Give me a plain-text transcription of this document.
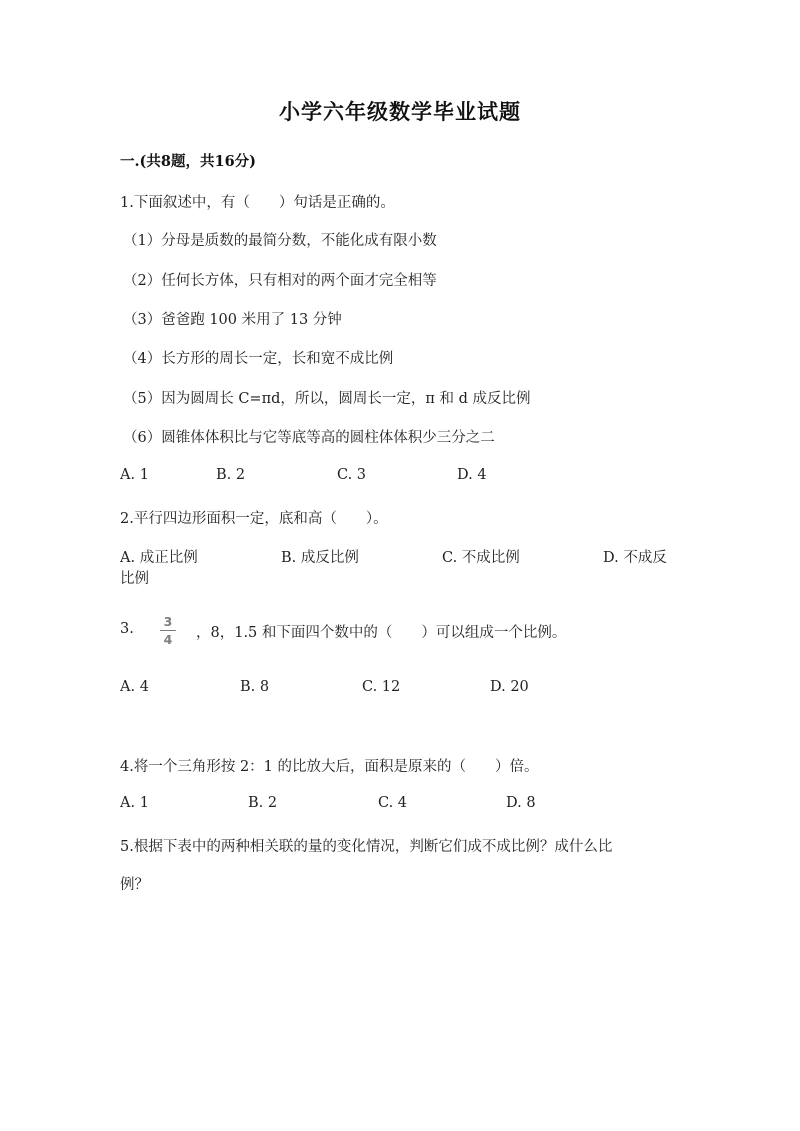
小学六年级数学毕业试题
一.(共8题，共16分)
1.下面叙述中，有（　　）句话是正确的。
（1）分母是质数的最简分数，不能化成有限小数
（2）任何长方体，只有相对的两个面才完全相等
（3）爸爸跑 100 米用了 13 分钟
（4）长方形的周长一定，长和宽不成比例
（5）因为圆周长 C=πd，所以，圆周长一定，π 和 d 成反比例
（6）圆锥体体积比与它等底等高的圆柱体体积少三分之二
A. 1	B. 2	C. 3	D. 4
2.平行四边形面积一定，底和高（　　）。
A. 成正比例	B. 成反比例	C. 不成比例	D. 不成反
比例
3.	3
4	，8，1.5 和下面四个数中的（　　）可以组成一个比例。
A. 4	B. 8	C. 12	D. 20
4.将一个三角形按 2：1 的比放大后，面积是原来的（　　）倍。
A. 1	B. 2	C. 4	D. 8
5.根据下表中的两种相关联的量的变化情况，判断它们成不成比例？成什么比
例？
